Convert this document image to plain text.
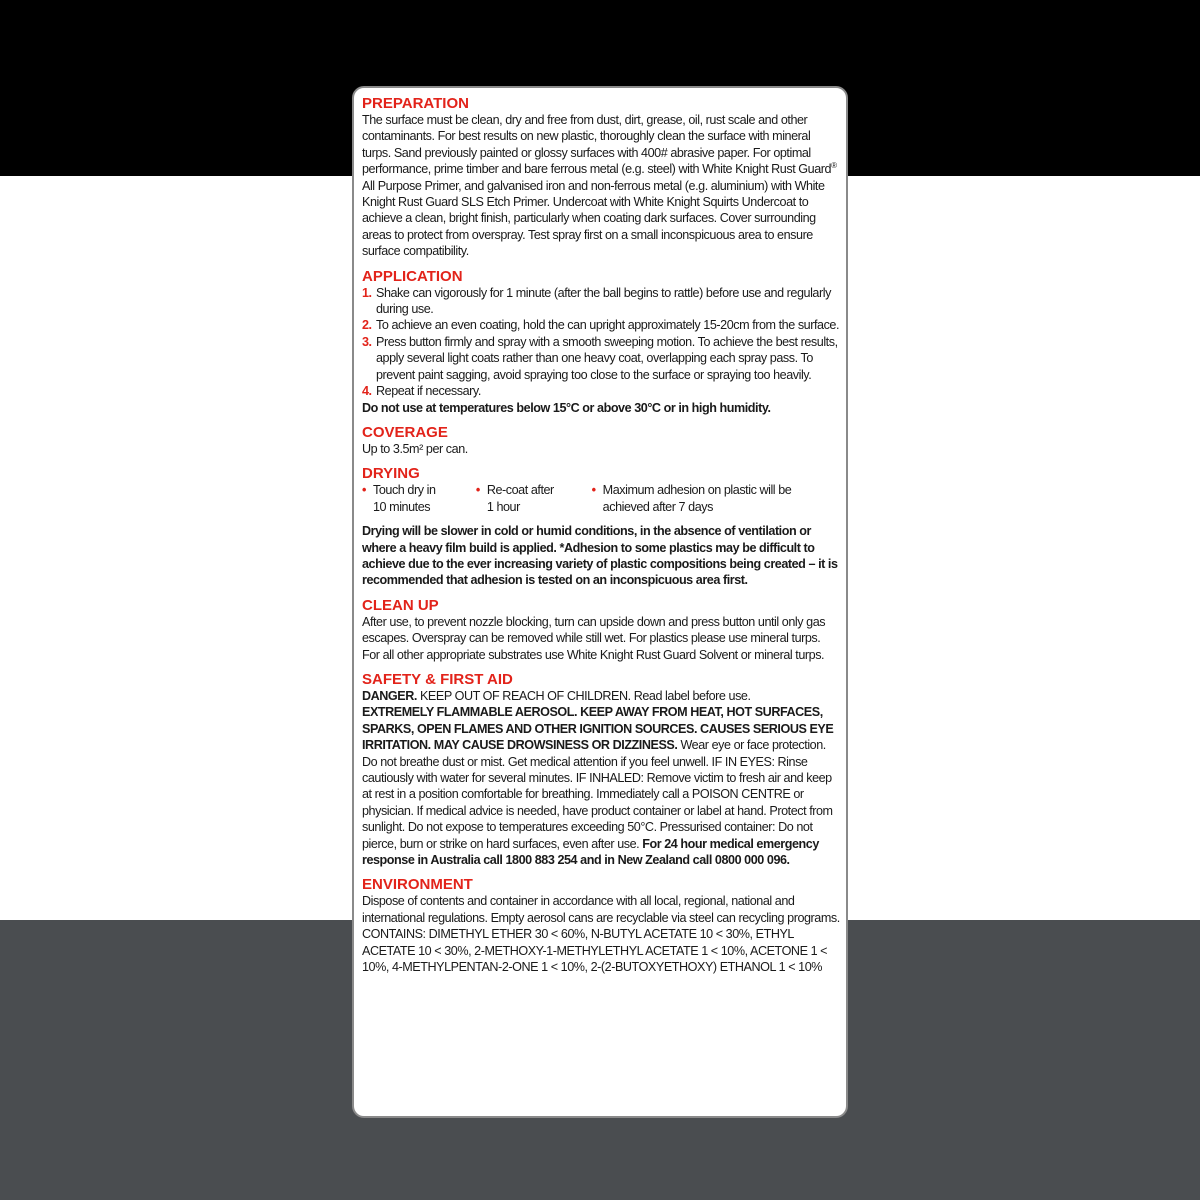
PREPARATION

The surface must be clean, dry and free from dust, dirt, grease, oil, rust scale and other contaminants. For best results on new plastic, thoroughly clean the surface with mineral turps. Sand previously painted or glossy surfaces with 400# abrasive paper. For optimal performance, prime timber and bare ferrous metal (e.g. steel) with White Knight Rust Guard® All Purpose Primer, and galvanised iron and non-ferrous metal (e.g. aluminium) with White Knight Rust Guard SLS Etch Primer. Undercoat with White Knight Squirts Undercoat to achieve a clean, bright finish, particularly when coating dark surfaces. Cover surrounding areas to protect from overspray. Test spray first on a small inconspicuous area to ensure surface compatibility.

APPLICATION

1. Shake can vigorously for 1 minute (after the ball begins to rattle) before use and regularly during use.
2. To achieve an even coating, hold the can upright approximately 15-20cm from the surface.
3. Press button firmly and spray with a smooth sweeping motion. To achieve the best results, apply several light coats rather than one heavy coat, overlapping each spray pass. To prevent paint sagging, avoid spraying too close to the surface or spraying too heavily.
4. Repeat if necessary.

Do not use at temperatures below 15°C or above 30°C or in high humidity.

COVERAGE

Up to 3.5m² per can.

DRYING

• Touch dry in
10 minutes
• Re-coat after
1 hour
• Maximum adhesion on plastic will be
achieved after 7 days

Drying will be slower in cold or humid conditions, in the absence of ventilation or where a heavy film build is applied. *Adhesion to some plastics may be difficult to achieve due to the ever increasing variety of plastic compositions being created – it is recommended that adhesion is tested on an inconspicuous area first.

CLEAN UP

After use, to prevent nozzle blocking, turn can upside down and press button until only gas escapes. Overspray can be removed while still wet. For plastics please use mineral turps. For all other appropriate substrates use White Knight Rust Guard Solvent or mineral turps.

SAFETY & FIRST AID

DANGER. KEEP OUT OF REACH OF CHILDREN. Read label before use.
EXTREMELY FLAMMABLE AEROSOL. KEEP AWAY FROM HEAT, HOT SURFACES, SPARKS, OPEN FLAMES AND OTHER IGNITION SOURCES. CAUSES SERIOUS EYE IRRITATION. MAY CAUSE DROWSINESS OR DIZZINESS. Wear eye or face protection. Do not breathe dust or mist. Get medical attention if you feel unwell. IF IN EYES: Rinse cautiously with water for several minutes. IF INHALED: Remove victim to fresh air and keep at rest in a position comfortable for breathing. Immediately call a POISON CENTRE or physician. If medical advice is needed, have product container or label at hand. Protect from sunlight. Do not expose to temperatures exceeding 50°C. Pressurised container: Do not pierce, burn or strike on hard surfaces, even after use. For 24 hour medical emergency response in Australia call 1800 883 254 and in New Zealand call 0800 000 096.

ENVIRONMENT

Dispose of contents and container in accordance with all local, regional, national and international regulations. Empty aerosol cans are recyclable via steel can recycling programs.

CONTAINS: DIMETHYL ETHER 30 < 60%, N-BUTYL ACETATE 10 < 30%, ETHYL ACETATE 10 < 30%, 2-METHOXY-1-METHYLETHYL ACETATE 1 < 10%, ACETONE 1 < 10%, 4-METHYLPENTAN-2-ONE 1 < 10%, 2-(2-BUTOXYETHOXY) ETHANOL 1 < 10%
